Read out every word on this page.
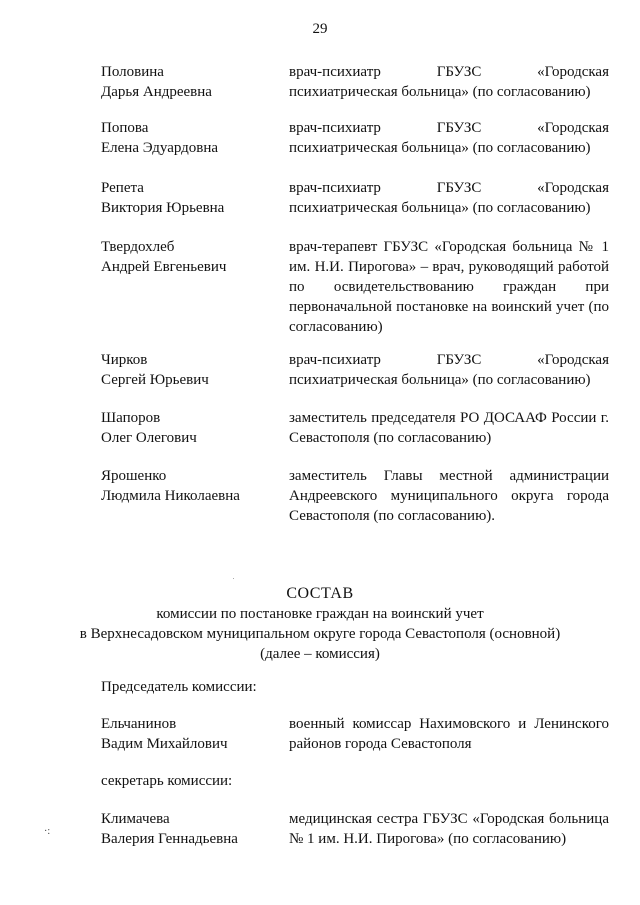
29
Половина
Дарья Андреевна
врач-психиатр ГБУЗС «Городская психиатрическая больница» (по согласованию)
Попова
Елена Эдуардовна
врач-психиатр ГБУЗС «Городская психиатрическая больница» (по согласованию)
Репета
Виктория Юрьевна
врач-психиатр ГБУЗС «Городская психиатрическая больница» (по согласованию)
Твердохлеб
Андрей Евгеньевич
врач-терапевт ГБУЗС «Городская больница № 1 им. Н.И. Пирогова» – врач, руководящий работой по освидетельствованию граждан при первоначальной постановке на воинский учет (по согласованию)
Чирков
Сергей Юрьевич
врач-психиатр ГБУЗС «Городская психиатрическая больница» (по согласованию)
Шапоров
Олег Олегович
заместитель председателя РО ДОСААФ России г. Севастополя (по согласованию)
Ярошенко
Людмила Николаевна
заместитель Главы местной администрации Андреевского муниципального округа города Севастополя (по согласованию).
СОСТАВ
комиссии по постановке граждан на воинский учет
в Верхнесадовском муниципальном округе города Севастополя (основной)
(далее – комиссия)
Председатель комиссии:
Ельчанинов
Вадим Михайлович
военный комиссар Нахимовского и Ленинского районов города Севастополя
секретарь комиссии:
Климачева
Валерия Геннадьевна
медицинская сестра ГБУЗС «Городская больница № 1 им. Н.И. Пирогова» (по согласованию)
·:
